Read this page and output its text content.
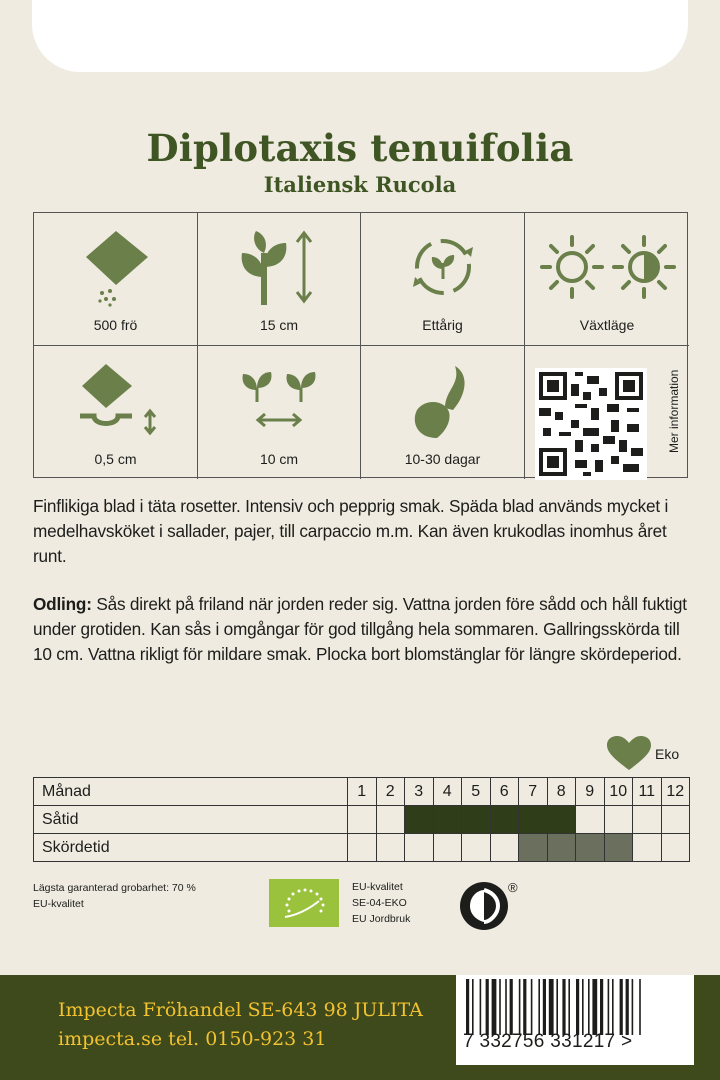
Diplotaxis tenuifolia
Italiensk Rucola
500 frö	15 cm	Ettårig	Växtläge
0,5 cm	10 cm	10-30 dagar
Mer information

Finflikiga blad i täta rosetter. Intensiv och pepprig smak. Späda blad används mycket i medelhavsköket i sallader, pajer, till carpaccio m.m. Kan även krukodlas inomhus året runt.

Odling: Sås direkt på friland när jorden reder sig. Vattna jorden före sådd och håll fuktigt under grotiden. Kan sås i omgångar för god tillgång hela sommaren. Gallringsskörda till 10 cm. Vattna rikligt för mildare smak. Plocka bort blomstänglar för längre skördeperiod.

Eko
Månad	1	2	3	4	5	6	7	8	9	10	11	12
Såtid												
Skördetid												
Lägsta garanterad grobarhet: 70 %
EU-kvalitet
EU-kvalitet
SE-04-EKO
EU Jordbruk
®
Impecta Fröhandel SE-643 98 JULITA
impecta.se tel. 0150-923 31	7 332756 331217 >
